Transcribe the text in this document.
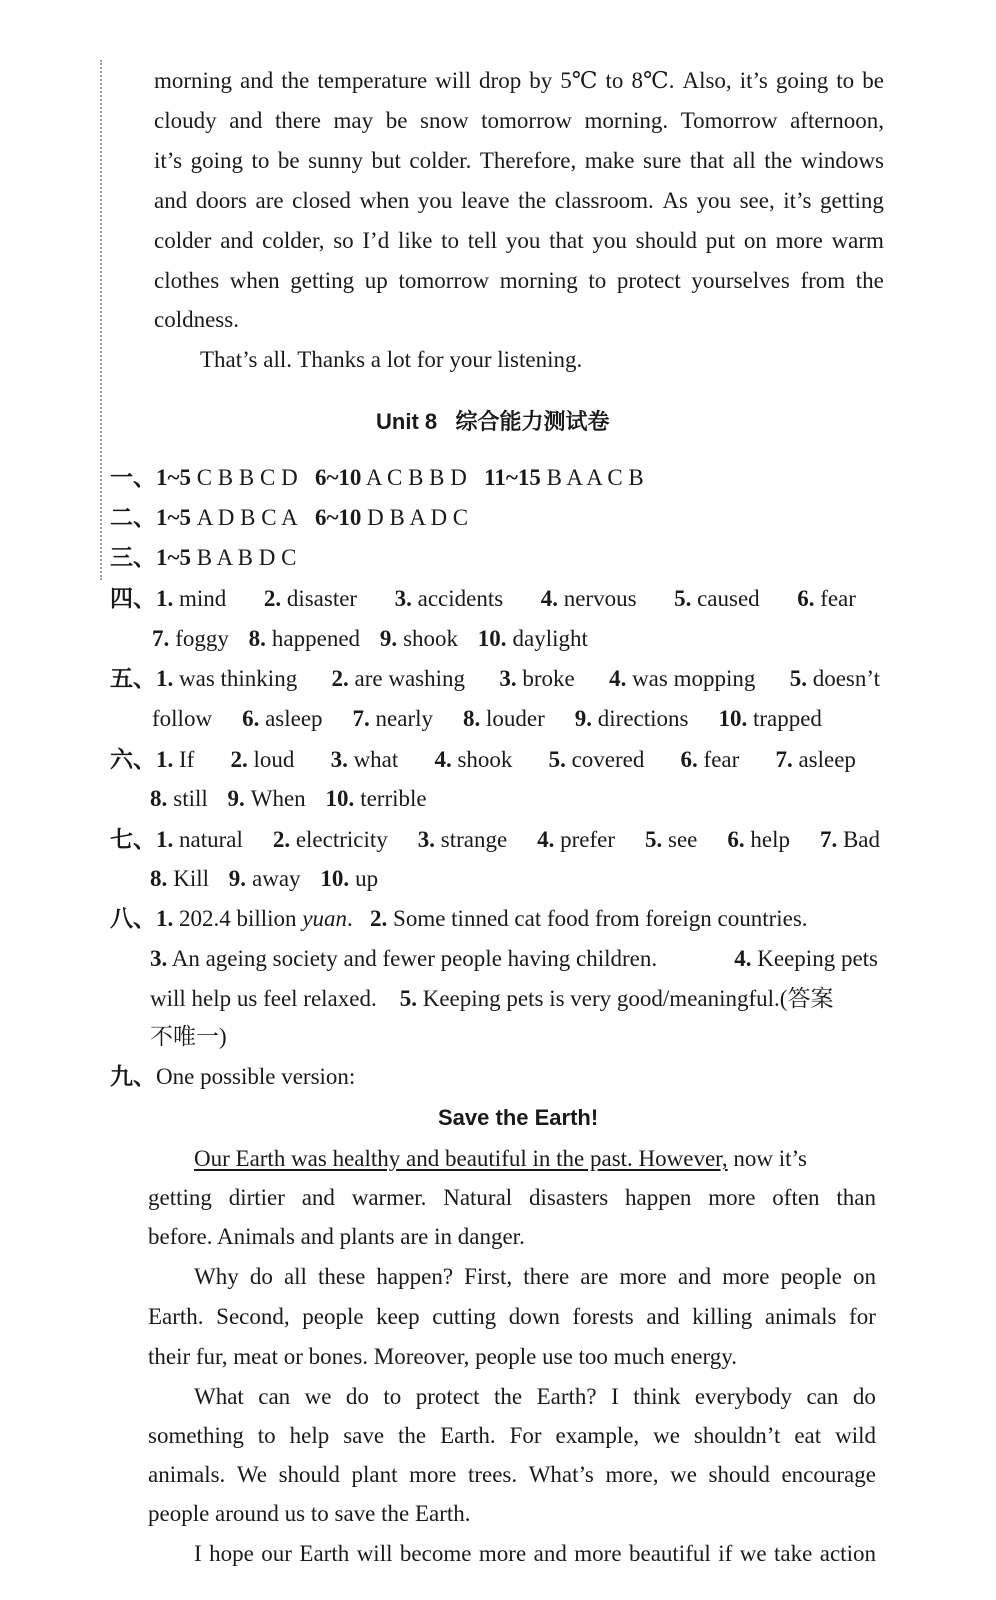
morning and the temperature will drop by 5℃ to 8℃. Also, it’s going to be
cloudy and there may be snow tomorrow morning. Tomorrow afternoon,
it’s going to be sunny but colder. Therefore, make sure that all the windows
and doors are closed when you leave the classroom. As you see, it’s getting
colder and colder, so I’d like to tell you that you should put on more warm
clothes when getting up tomorrow morning to protect yourselves from the
coldness.
That’s all. Thanks a lot for your listening.
Unit 8   综合能力测试卷
一、1~5 C B B C D 6~10 A C B B D 11~15 B A A C B
二、1~5 A D B C A 6~10 D B A D C
三、1~5 B A B D C
四、1. mind 2. disaster 3. accidents 4. nervous 5. caused 6. fear
7. foggy 8. happened 9. shook 10. daylight
五、1. was thinking 2. are washing 3. broke 4. was mopping 5. doesn’t
follow 6. asleep 7. nearly 8. louder 9. directions 10. trapped
六、1. If 2. loud 3. what 4. shook 5. covered 6. fear 7. asleep
8. still 9. When 10. terrible
七、1. natural 2. electricity 3. strange 4. prefer 5. see 6. help 7. Bad
8. Kill 9. away 10. up
八、1. 202.4 billion yuan. 2. Some tinned cat food from foreign countries.
3. An ageing society and fewer people having children.	4. Keeping pets
will help us feel relaxed. 5. Keeping pets is very good/meaningful.(答案
不唯一)
九、One possible version:
Save the Earth!
Our Earth was healthy and beautiful in the past. However, now it’s
getting dirtier and warmer. Natural disasters happen more often than
before. Animals and plants are in danger.
Why do all these happen? First, there are more and more people on
Earth. Second, people keep cutting down forests and killing animals for
their fur, meat or bones. Moreover, people use too much energy.
What can we do to protect the Earth? I think everybody can do
something to help save the Earth. For example, we shouldn’t eat wild
animals. We should plant more trees. What’s more, we should encourage
people around us to save the Earth.
I hope our Earth will become more and more beautiful if we take action
